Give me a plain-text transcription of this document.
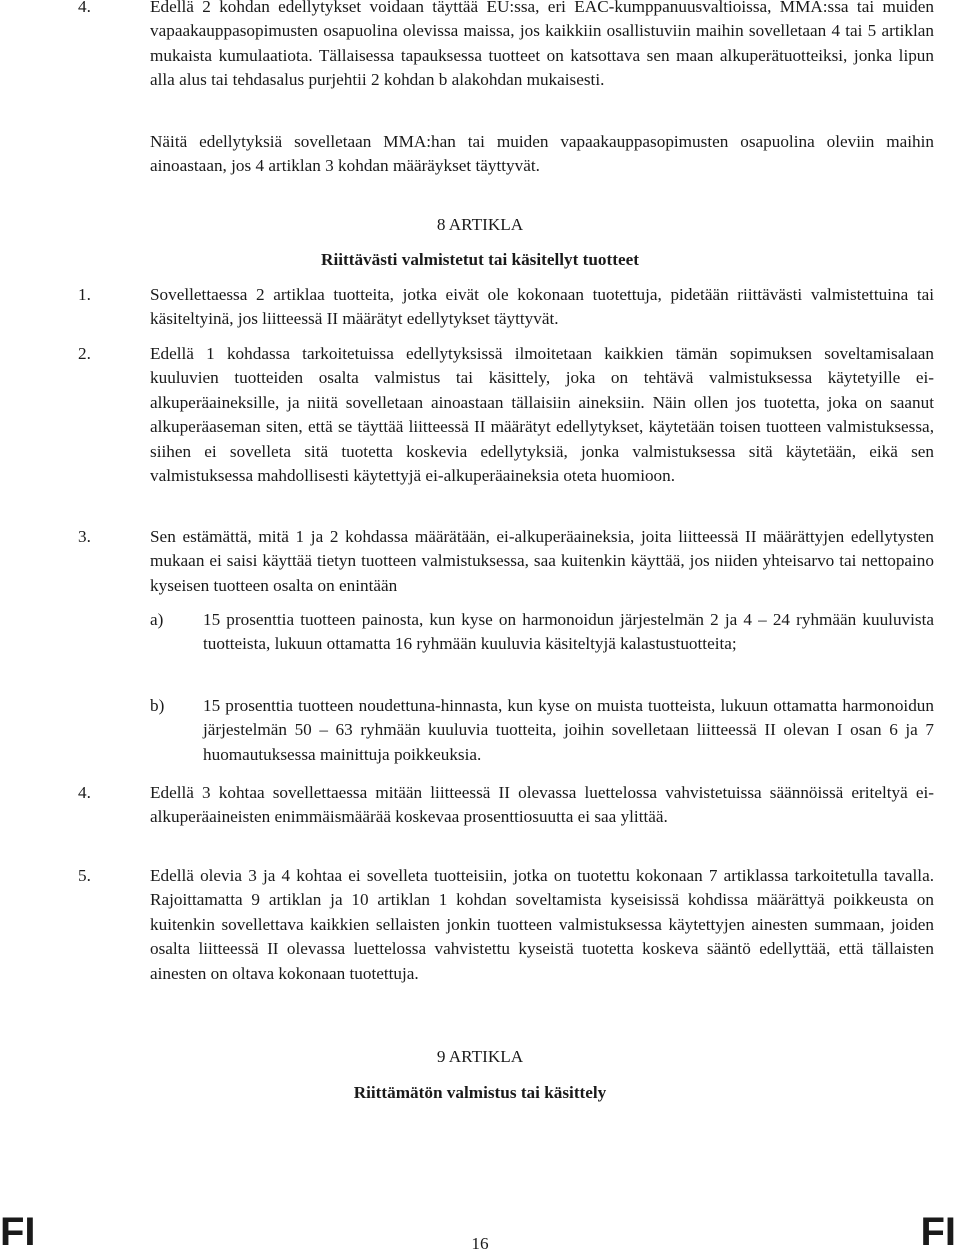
4.	Edellä 2 kohdan edellytykset voidaan täyttää EU:ssa, eri EAC-kumppanuusvaltioissa, MMA:ssa tai muiden vapaakauppasopimusten osapuolina olevissa maissa, jos kaikkiin osallistuviin maihin sovelletaan 4 tai 5 artiklan mukaista kumulaatiota. Tällaisessa tapauksessa tuotteet on katsottava sen maan alkuperätuotteiksi, jonka lipun alla alus tai tehdasalus purjehtii 2 kohdan b alakohdan mukaisesti.

Näitä edellytyksiä sovelletaan MMA:han tai muiden vapaakauppasopimusten osapuolina oleviin maihin ainoastaan, jos 4 artiklan 3 kohdan määräykset täyttyvät.

8 ARTIKLA

Riittävästi valmistetut tai käsitellyt tuotteet

1.	Sovellettaessa 2 artiklaa tuotteita, jotka eivät ole kokonaan tuotettuja, pidetään riittävästi valmistettuina tai käsiteltyinä, jos liitteessä II määrätyt edellytykset täyttyvät.

2.	Edellä 1 kohdassa tarkoitetuissa edellytyksissä ilmoitetaan kaikkien tämän sopimuksen soveltamisalaan kuuluvien tuotteiden osalta valmistus tai käsittely, joka on tehtävä valmistuksessa käytetyille ei-alkuperäaineksille, ja niitä sovelletaan ainoastaan tällaisiin aineksiin. Näin ollen jos tuotetta, joka on saanut alkuperäaseman siten, että se täyttää liitteessä II määrätyt edellytykset, käytetään toisen tuotteen valmistuksessa, siihen ei sovelleta sitä tuotetta koskevia edellytyksiä, jonka valmistuksessa sitä käytetään, eikä sen valmistuksessa mahdollisesti käytettyjä ei-alkuperäaineksia oteta huomioon.

3.	Sen estämättä, mitä 1 ja 2 kohdassa määrätään, ei-alkuperäaineksia, joita liitteessä II määrättyjen edellytysten mukaan ei saisi käyttää tietyn tuotteen valmistuksessa, saa kuitenkin käyttää, jos niiden yhteisarvo tai nettopaino kyseisen tuotteen osalta on enintään

a) 15 prosenttia tuotteen painosta, kun kyse on harmonoidun järjestelmän 2 ja 4 – 24 ryhmään kuuluvista tuotteista, lukuun ottamatta 16 ryhmään kuuluvia käsiteltyjä kalastustuotteita;

b) 15 prosenttia tuotteen noudettuna-hinnasta, kun kyse on muista tuotteista, lukuun ottamatta harmonoidun järjestelmän 50 – 63 ryhmään kuuluvia tuotteita, joihin sovelletaan liitteessä II olevan I osan 6 ja 7 huomautuksessa mainittuja poikkeuksia.

4.	Edellä 3 kohtaa sovellettaessa mitään liitteessä II olevassa luettelossa vahvistetuissa säännöissä eriteltyä ei-alkuperäaineisten enimmäismäärää koskevaa prosenttiosuutta ei saa ylittää.

5.	Edellä olevia 3 ja 4 kohtaa ei sovelleta tuotteisiin, jotka on tuotettu kokonaan 7 artiklassa tarkoitetulla tavalla. Rajoittamatta 9 artiklan ja 10 artiklan 1 kohdan soveltamista kyseisissä kohdissa määrättyä poikkeusta on kuitenkin sovellettava kaikkien sellaisten jonkin tuotteen valmistuksessa käytettyjen ainesten summaan, joiden osalta liitteessä II olevassa luettelossa vahvistettu kyseistä tuotetta koskeva sääntö edellyttää, että tällaisten ainesten on oltava kokonaan tuotettuja.

9 ARTIKLA

Riittämätön valmistus tai käsittely

FI	16	FI
